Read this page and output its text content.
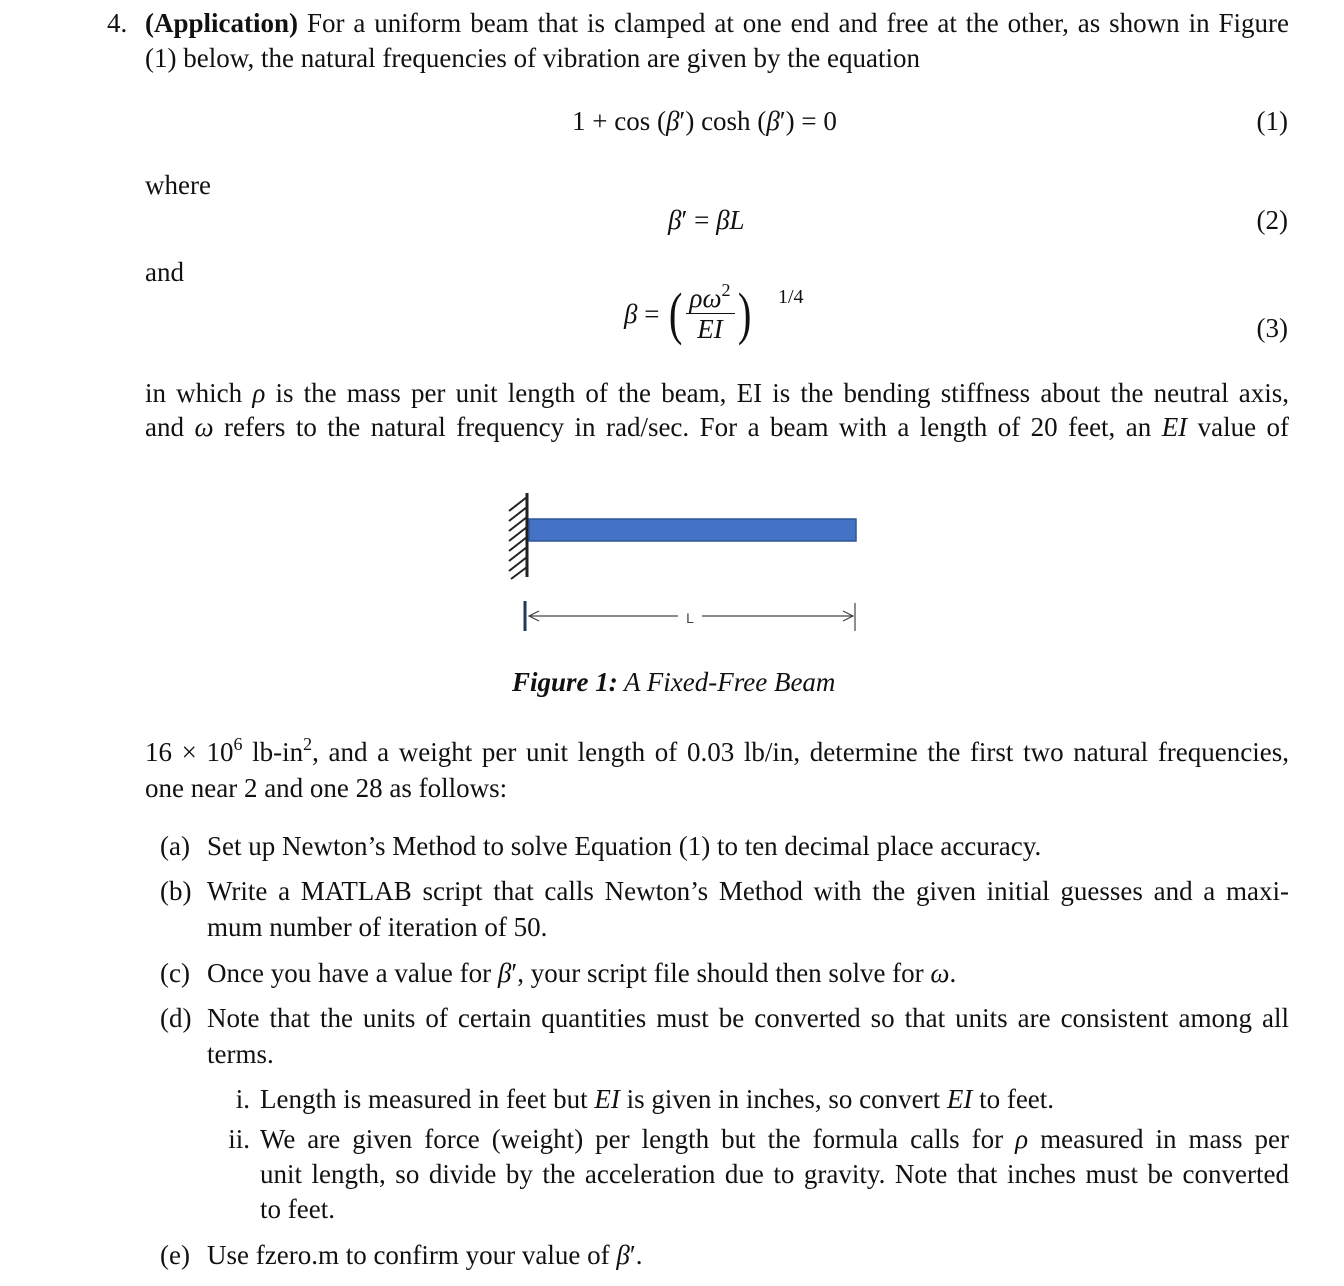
4. (Application) For a uniform beam that is clamped at one end and free at the other, as shown in Figure
(1) below, the natural frequencies of vibration are given by the equation
1 + cos (β′) cosh (β′) = 0	(1)
where
β′ = βL	(2)
and
β = ( $\frac{\rho\omega^2}{EI}$ ) 1/4
(3)
in which ρ is the mass per unit length of the beam, EI is the bending stiffness about the neutral axis,
and ω refers to the natural frequency in rad/sec. For a beam with a length of 20 feet, an EI value of
L
Figure 1: A Fixed-Free Beam
$16 \times 10^6$ $lb-in^2$, and a weight per unit length of 0.03 lb/in, determine the first two natural frequencies,
one near 2 and one 28 as follows:
(a) Set up Newton’s Method to solve Equation (1) to ten decimal place accuracy.
(b) Write a MATLAB script that calls Newton’s Method with the given initial guesses and a maxi-
mum number of iteration of 50.
(c) Once you have a value for β′, your script file should then solve for ω.
(d) Note that the units of certain quantities must be converted so that units are consistent among all
terms.
i. Length is measured in feet but EI is given in inches, so convert EI to feet.
ii. We are given force (weight) per length but the formula calls for ρ measured in mass per
unit length, so divide by the acceleration due to gravity. Note that inches must be converted
to feet.
(e) Use fzero.m to confirm your value of β′.
